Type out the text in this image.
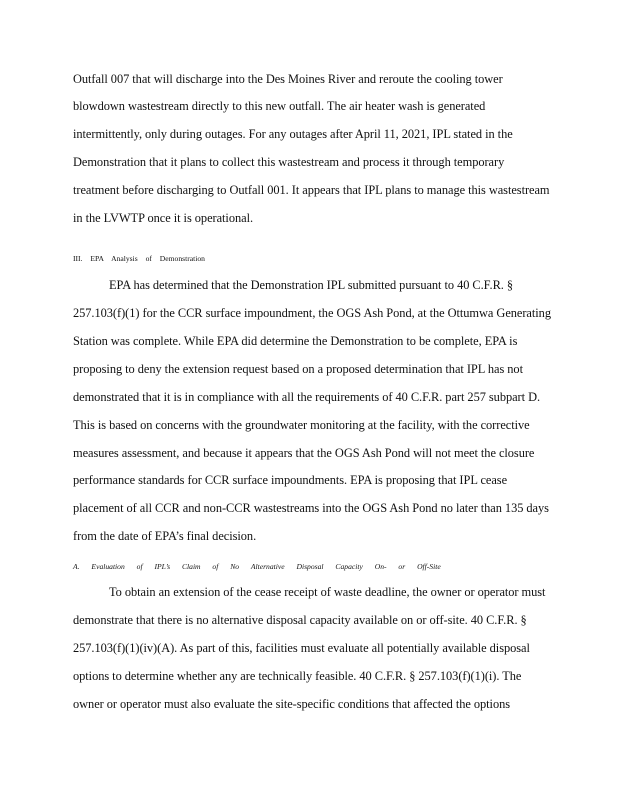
Outfall 007 that will discharge into the Des Moines River and reroute the cooling tower
blowdown wastestream directly to this new outfall. The air heater wash is generated
intermittently, only during outages. For any outages after April 11, 2021, IPL stated in the
Demonstration that it plans to collect this wastestream and process it through temporary
treatment before discharging to Outfall 001. It appears that IPL plans to manage this wastestream
in the LVWTP once it is operational.
III. EPA Analysis of Demonstration
EPA has determined that the Demonstration IPL submitted pursuant to 40 C.F.R. §
257.103(f)(1) for the CCR surface impoundment, the OGS Ash Pond, at the Ottumwa Generating
Station was complete. While EPA did determine the Demonstration to be complete, EPA is
proposing to deny the extension request based on a proposed determination that IPL has not
demonstrated that it is in compliance with all the requirements of 40 C.F.R. part 257 subpart D.
This is based on concerns with the groundwater monitoring at the facility, with the corrective
measures assessment, and because it appears that the OGS Ash Pond will not meet the closure
performance standards for CCR surface impoundments. EPA is proposing that IPL cease
placement of all CCR and non-CCR wastestreams into the OGS Ash Pond no later than 135 days
from the date of EPA’s final decision.
A. Evaluation of IPL’s Claim of No Alternative Disposal Capacity On- or Off-Site
To obtain an extension of the cease receipt of waste deadline, the owner or operator must
demonstrate that there is no alternative disposal capacity available on or off-site. 40 C.F.R. §
257.103(f)(1)(iv)(A). As part of this, facilities must evaluate all potentially available disposal
options to determine whether any are technically feasible. 40 C.F.R. § 257.103(f)(1)(i). The
owner or operator must also evaluate the site-specific conditions that affected the options
